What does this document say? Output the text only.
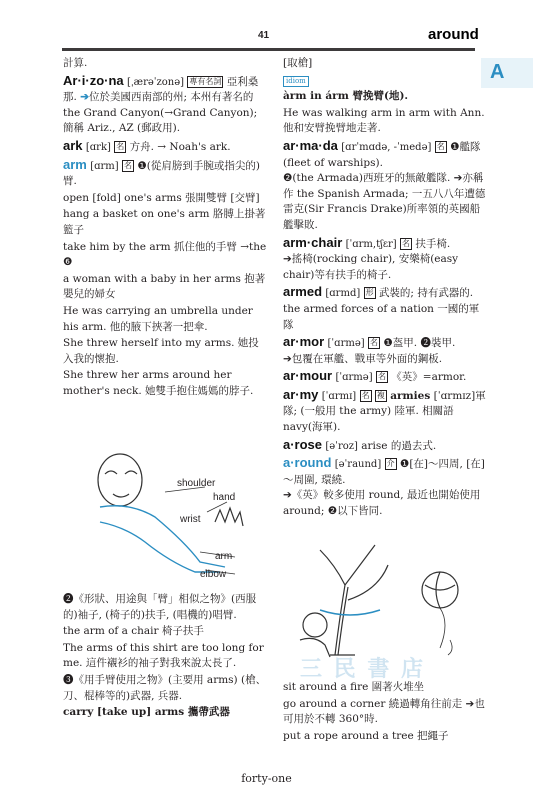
41	around
A
計算.
Ar·i·zo·na [ˌærəˈzonə] 專有名詞 亞利桑那. ➔位於美國西南部的州; 本州有著名的 the Grand Canyon(→Grand Canyon); 簡稱 Ariz., AZ (郵政用).
ark [ɑrk] 名 方舟. → Noah's ark.
arm [ɑrm] 名 ❶(從肩膀到手腕或指尖的)臂.
open [fold] one's arms 張開雙臂 [交臂]
hang a basket on one's arm 胳膊上掛著籃子
take him by the arm 抓住他的手臂 →the ❻
a woman with a baby in her arms 抱著嬰兒的婦女
He was carrying an umbrella under his arm. 他的腋下挾著一把傘.
She threw herself into my arms. 她投入我的懷抱.
She threw her arms around her mother's neck. 她雙手抱住媽媽的脖子.
shoulder
hand
wrist
arm
elbow
❷《形狀、用途與「臂」相似之物》(西服的)袖子, (椅子的)扶手, (唱機的)唱臂.
the arm of a chair 椅子扶手
The arms of this shirt are too long for me. 這件襯衫的袖子對我來說太長了.
❸《用手臂使用之物》(主要用 arms) (槍、刀、棍棒等的)武器, 兵器.
carry [take up] arms 攜帶武器
[取槍]
idiom
àrm in árm 臂挽臂(地).
He was walking arm in arm with Ann. 他和安臂挽臂地走著.
ar·ma·da [ɑrˈmɑdə, -ˈmedə] 名 ❶艦隊(fleet of warships).
❷(the Armada)西班牙的無敵艦隊. ➔亦稱作 the Spanish Armada; 一五八八年遭德雷克(Sir Francis Drake)所率領的英國船艦擊敗.
arm·chair [ˈɑrm,tʃɛr] 名 扶手椅.
➔搖椅(rocking chair), 安樂椅(easy chair)等有扶手的椅子.
armed [ɑrmd] 形 武裝的; 持有武器的.
the armed forces of a nation 一國的軍隊
ar·mor [ˈɑrmə] 名 ❶盔甲. ❷裝甲.
➔包覆在軍艦、戰車等外面的鋼板.
ar·mour [ˈɑrmə] 名 《英》=armor.
ar·my [ˈɑrmɪ] 名 複 armies [ˈɑrmɪz]軍隊; (一般用 the army) 陸軍. 相關語 navy(海軍).
a·rose [əˈroz] arise 的過去式.
a·round [əˈraund] 介 ❶[在]～四周, [在]～周圍, 環繞.
➔《英》較多使用 round, 最近也開始使用 around; ❷以下皆同.
三 民 書 店
sit around a fire 圍著火堆坐
go around a corner 繞過轉角往前走 ➔也可用於不轉 360°時.
put a rope around a tree 把繩子
forty-one
